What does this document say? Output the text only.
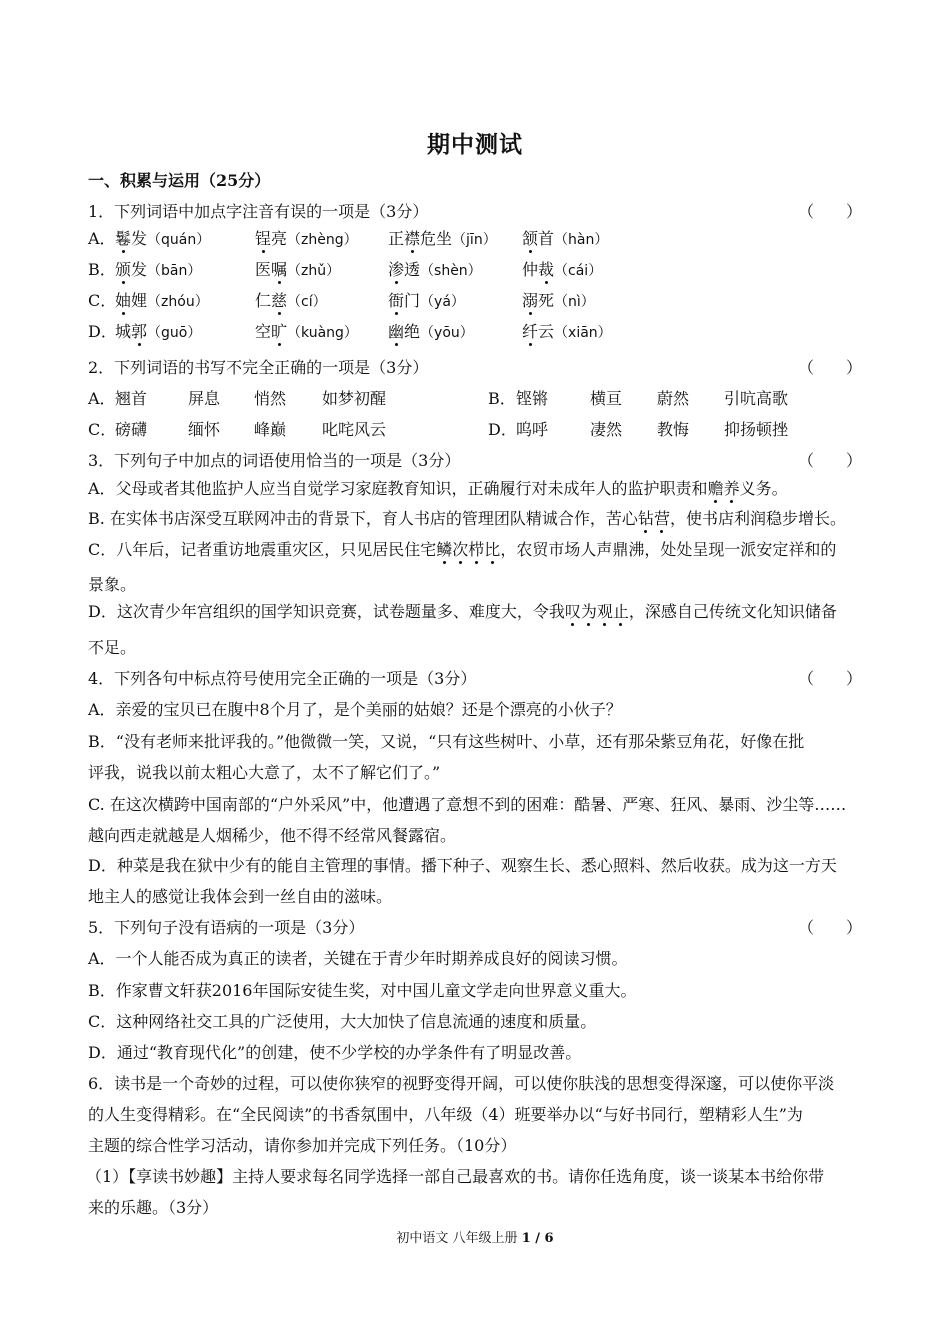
期中测试
一、积累与运用（25分）
1．下列词语中加点字注音有误的一项是（3分）	（　　）
A． 鬈发（quán）	锃亮（zhèng） 正襟危坐（jīn） 颔首（hàn）
B． 颁发（bān）	医嘱（zhǔ）	渗透（shèn）	仲裁（cái）
C．
妯娌（zhóu）	仁慈（cí）	衙门（yá）	溺死（nì）
D．
城郭（guō）	空旷（kuàng） 幽绝（yōu）	纤云（xiān）
2．下列词语的书写不完全正确的一项是（3分）	（　　）
A． 翘首	屏息 悄然 如梦初醒	B． 铿锵	横亘 蔚然 引吭高歌
C．
磅礴	缅怀 峰巅 叱咤风云	D． 呜呼	凄然 教悔 抑扬顿挫
3．下列句子中加点的词语使用恰当的一项是（3分）	（　　）
A．父母或者其他监护人应当自觉学习家庭教育知识，正确履行对未成年人的监护职责和赡养义务。
B. 在实体书店深受互联网冲击的背景下，育人书店的管理团队精诚合作，苦心钻营，使书店利润稳步增长。
C．八年后，记者重访地震重灾区，只见居民住宅鳞次栉比，农贸市场人声鼎沸，处处呈现一派安定祥和的
景象。
D．这次青少年宫组织的国学知识竞赛，试卷题量多、难度大，令我叹为观止，深感自己传统文化知识储备
不足。
4．下列各句中标点符号使用完全正确的一项是（3分）	（　　）
A．亲爱的宝贝已在腹中8个月了，是个美丽的姑娘？还是个漂亮的小伙子？
B．“没有老师来批评我的。”他微微一笑，又说，“只有这些树叶、小草，还有那朵紫豆角花，好像在批
评我，说我以前太粗心大意了，太不了解它们了。”
C. 在这次横跨中国南部的“户外采风”中，他遭遇了意想不到的困难：酷暑、严寒、狂风、暴雨、沙尘等……
越向西走就越是人烟稀少，他不得不经常风餐露宿。
D．种菜是我在狱中少有的能自主管理的事情。播下种子、观察生长、悉心照料、然后收获。成为这一方天
地主人的感觉让我体会到一丝自由的滋味。
5．下列句子没有语病的一项是（3分）	（　　）
A．一个人能否成为真正的读者，关键在于青少年时期养成良好的阅读习惯。
B．作家曹文轩获2016年国际安徒生奖，对中国儿童文学走向世界意义重大。
C．这种网络社交工具的广泛使用，大大加快了信息流通的速度和质量。
D．通过“教育现代化”的创建，使不少学校的办学条件有了明显改善。
6．读书是一个奇妙的过程，可以使你狭窄的视野变得开阔，可以使你肤浅的思想变得深邃，可以使你平淡
的人生变得精彩。在“全民阅读”的书香氛围中，八年级（4）班要举办以“与好书同行，塑精彩人生”为
主题的综合性学习活动，请你参加并完成下列任务。（10分）
（1）【享读书妙趣】主持人要求每名同学选择一部自己最喜欢的书。请你任选角度，谈一谈某本书给你带
来的乐趣。（3分）
初中语文 八年级上册 1 / 6
